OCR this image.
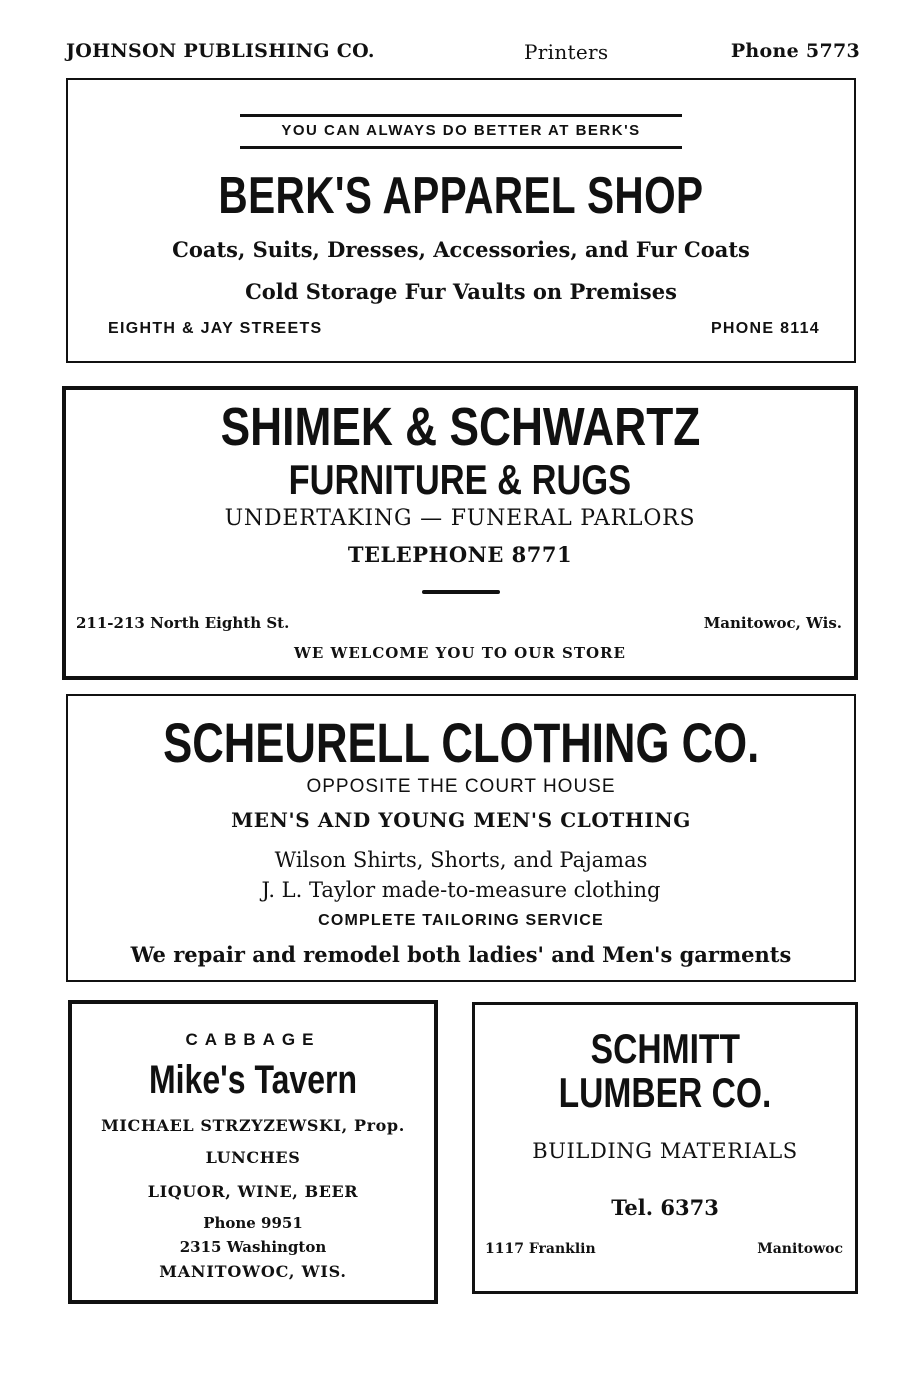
JOHNSON PUBLISHING CO.	Printers	Phone 5773
YOU CAN ALWAYS DO BETTER AT BERK'S
BERK'S APPAREL SHOP
Coats, Suits, Dresses, Accessories, and Fur Coats
Cold Storage Fur Vaults on Premises
EIGHTH & JAY STREETS	PHONE 8114
SHIMEK & SCHWARTZ
FURNITURE & RUGS
UNDERTAKING — FUNERAL PARLORS
TELEPHONE 8771
211-213 North Eighth St.	Manitowoc, Wis.
WE WELCOME YOU TO OUR STORE
SCHEURELL CLOTHING CO.
OPPOSITE THE COURT HOUSE
MEN'S AND YOUNG MEN'S CLOTHING
Wilson Shirts, Shorts, and Pajamas
J. L. Taylor made-to-measure clothing
COMPLETE TAILORING SERVICE
We repair and remodel both ladies' and Men's garments
CABBAGE
Mike's Tavern
MICHAEL STRZYZEWSKI, Prop.
LUNCHES
LIQUOR, WINE, BEER
Phone 9951
2315 Washington
MANITOWOC, WIS.
SCHMITT
LUMBER CO.
BUILDING MATERIALS
Tel. 6373
1117 Franklin	Manitowoc
